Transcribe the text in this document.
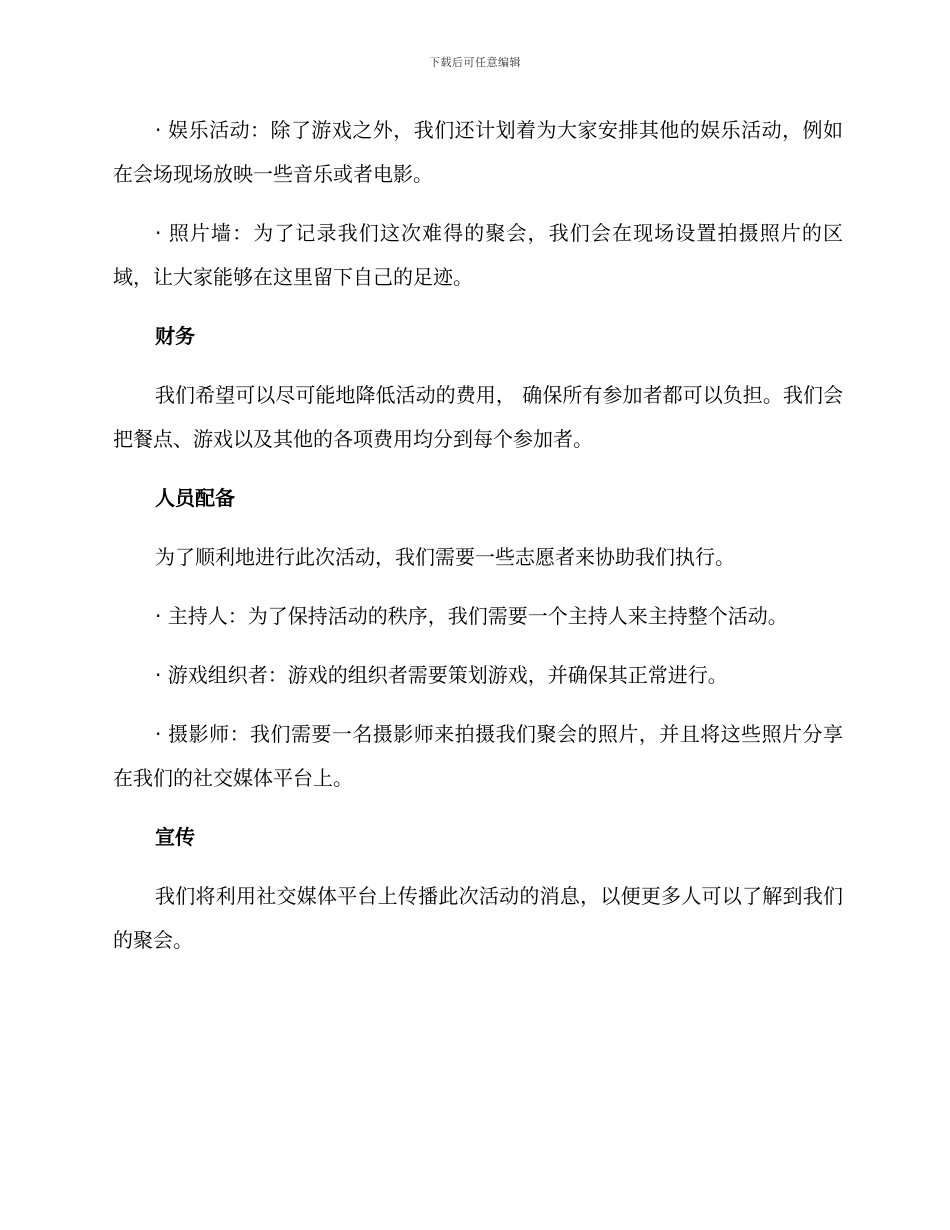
下载后可任意编辑

· 娱乐活动：除了游戏之外，我们还计划着为大家安排其他的娱乐活动，例如在会场现场放映一些音乐或者电影。

· 照片墙：为了记录我们这次难得的聚会，我们会在现场设置拍摄照片的区域，让大家能够在这里留下自己的足迹。

财务

我们希望可以尽可能地降低活动的费用， 确保所有参加者都可以负担。我们会把餐点、游戏以及其他的各项费用均分到每个参加者。

人员配备

为了顺利地进行此次活动，我们需要一些志愿者来协助我们执行。

· 主持人：为了保持活动的秩序，我们需要一个主持人来主持整个活动。

· 游戏组织者：游戏的组织者需要策划游戏，并确保其正常进行。

· 摄影师：我们需要一名摄影师来拍摄我们聚会的照片，并且将这些照片分享在我们的社交媒体平台上。

宣传

我们将利用社交媒体平台上传播此次活动的消息，以便更多人可以了解到我们的聚会。
